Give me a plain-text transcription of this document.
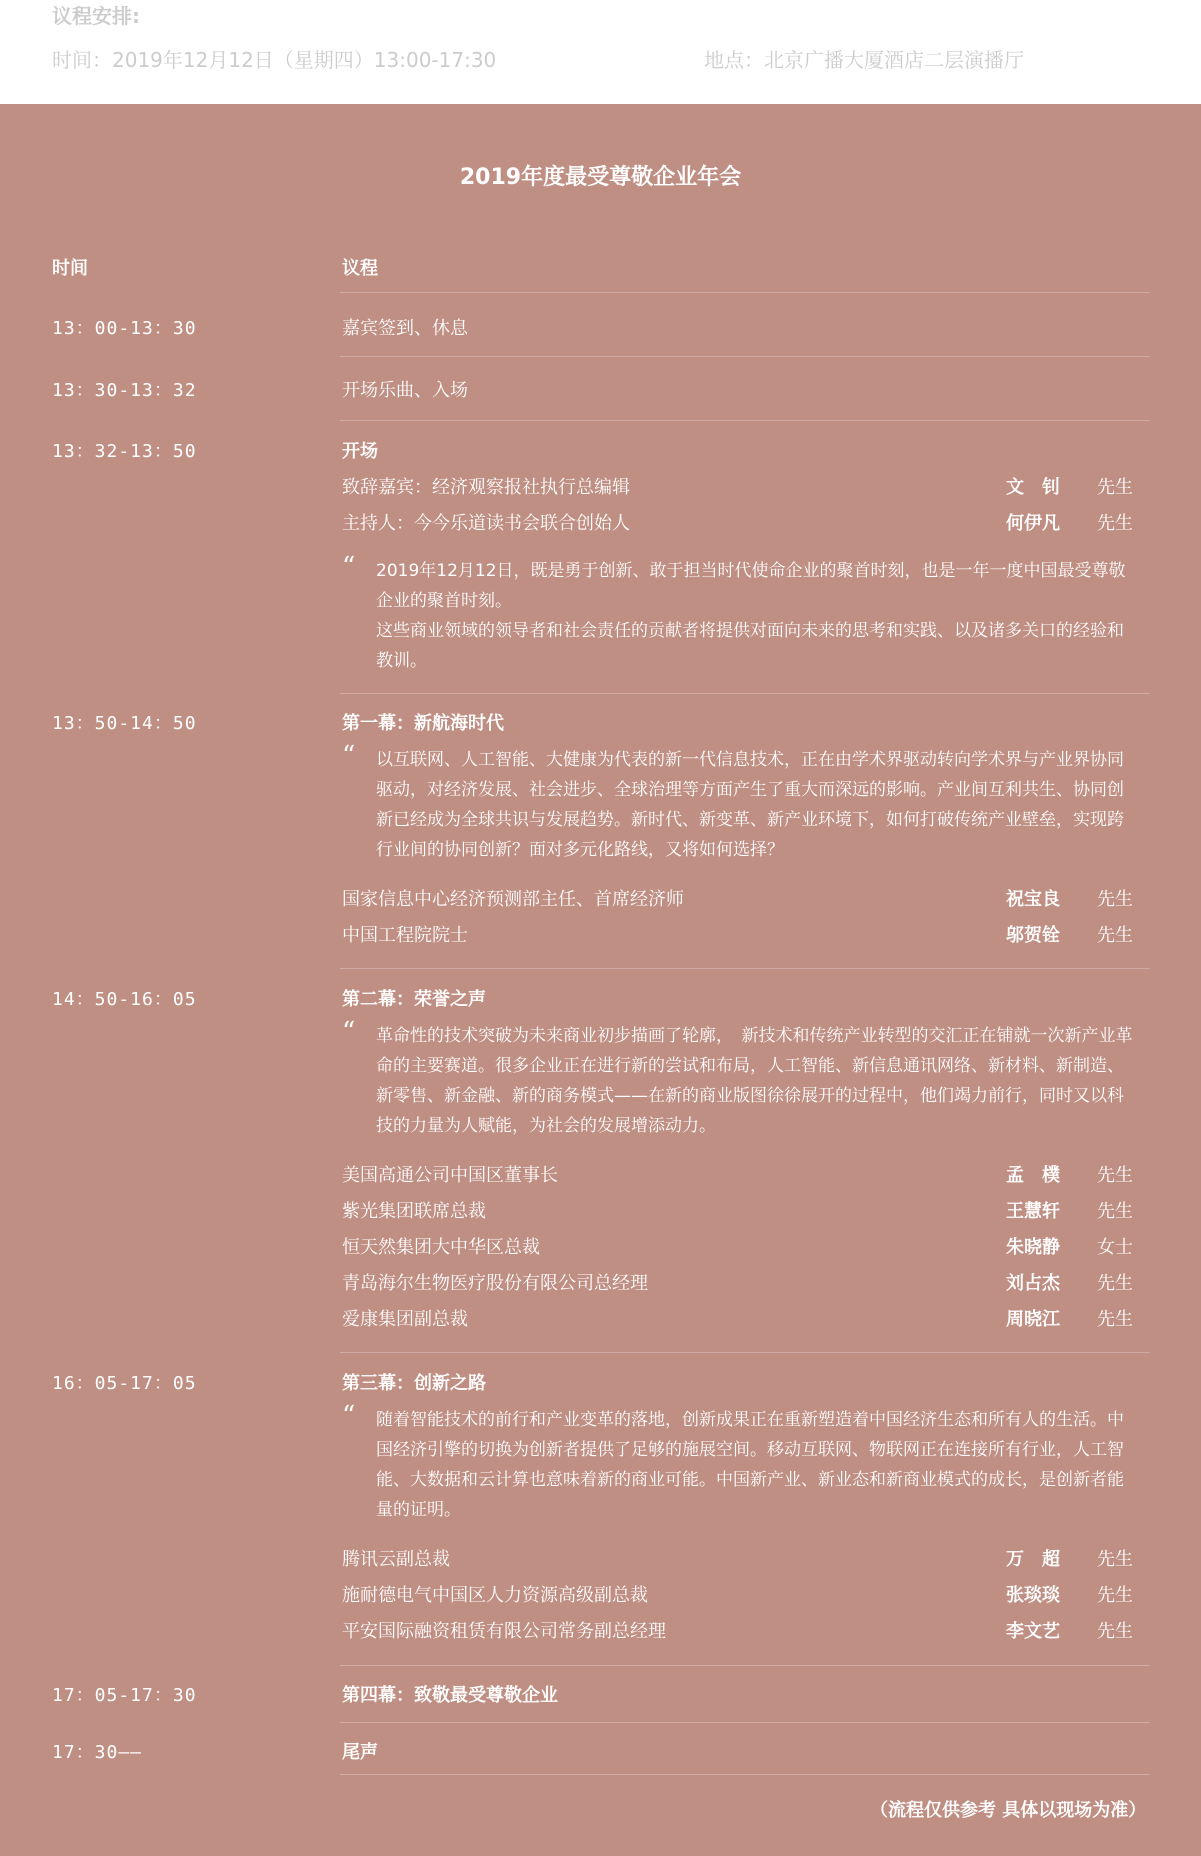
议程安排:
时间：2019年12月12日（星期四）13:00-17:30	地点：北京广播大厦酒店二层演播厅
2019年度最受尊敬企业年会
时间	议程
13：00-13：30	嘉宾签到、休息
13：30-13：32	开场乐曲、入场
13：32-13：50	开场
致辞嘉宾：经济观察报社执行总编辑	文　钊 先生
主持人：今今乐道读书会联合创始人	何伊凡 先生
“ 2019年12月12日，既是勇于创新、敢于担当时代使命企业的聚首时刻，也是一年一度中国最受尊敬企业的聚首时刻。
这些商业领域的领导者和社会责任的贡献者将提供对面向未来的思考和实践、以及诸多关口的经验和教训。
13：50-14：50	第一幕：新航海时代
“ 以互联网、人工智能、大健康为代表的新一代信息技术，正在由学术界驱动转向学术界与产业界协同驱动，对经济发展、社会进步、全球治理等方面产生了重大而深远的影响。产业间互利共生、协同创新已经成为全球共识与发展趋势。新时代、新变革、新产业环境下，如何打破传统产业壁垒，实现跨行业间的协同创新？面对多元化路线，又将如何选择？
国家信息中心经济预测部主任、首席经济师	祝宝良 先生
中国工程院院士	邬贺铨 先生
14：50-16：05	第二幕：荣誉之声
“ 革命性的技术突破为未来商业初步描画了轮廓，　新技术和传统产业转型的交汇正在铺就一次新产业革命的主要赛道。很多企业正在进行新的尝试和布局，人工智能、新信息通讯网络、新材料、新制造、新零售、新金融、新的商务模式——在新的商业版图徐徐展开的过程中，他们竭力前行，同时又以科技的力量为人赋能，为社会的发展增添动力。
美国高通公司中国区董事长	孟　樸 先生
紫光集团联席总裁	王慧轩 先生
恒天然集团大中华区总裁	朱晓静 女士
青岛海尔生物医疗股份有限公司总经理	刘占杰 先生
爱康集团副总裁	周晓江 先生
16：05-17：05	第三幕：创新之路
“ 随着智能技术的前行和产业变革的落地，创新成果正在重新塑造着中国经济生态和所有人的生活。中国经济引擎的切换为创新者提供了足够的施展空间。移动互联网、物联网正在连接所有行业，人工智能、大数据和云计算也意味着新的商业可能。中国新产业、新业态和新商业模式的成长，是创新者能量的证明。
腾讯云副总裁	万　超 先生
施耐德电气中国区人力资源高级副总裁	张琰琰 先生
平安国际融资租赁有限公司常务副总经理	李文艺 先生
17：05-17：30	第四幕：致敬最受尊敬企业
17：30——	尾声
（流程仅供参考 具体以现场为准）
